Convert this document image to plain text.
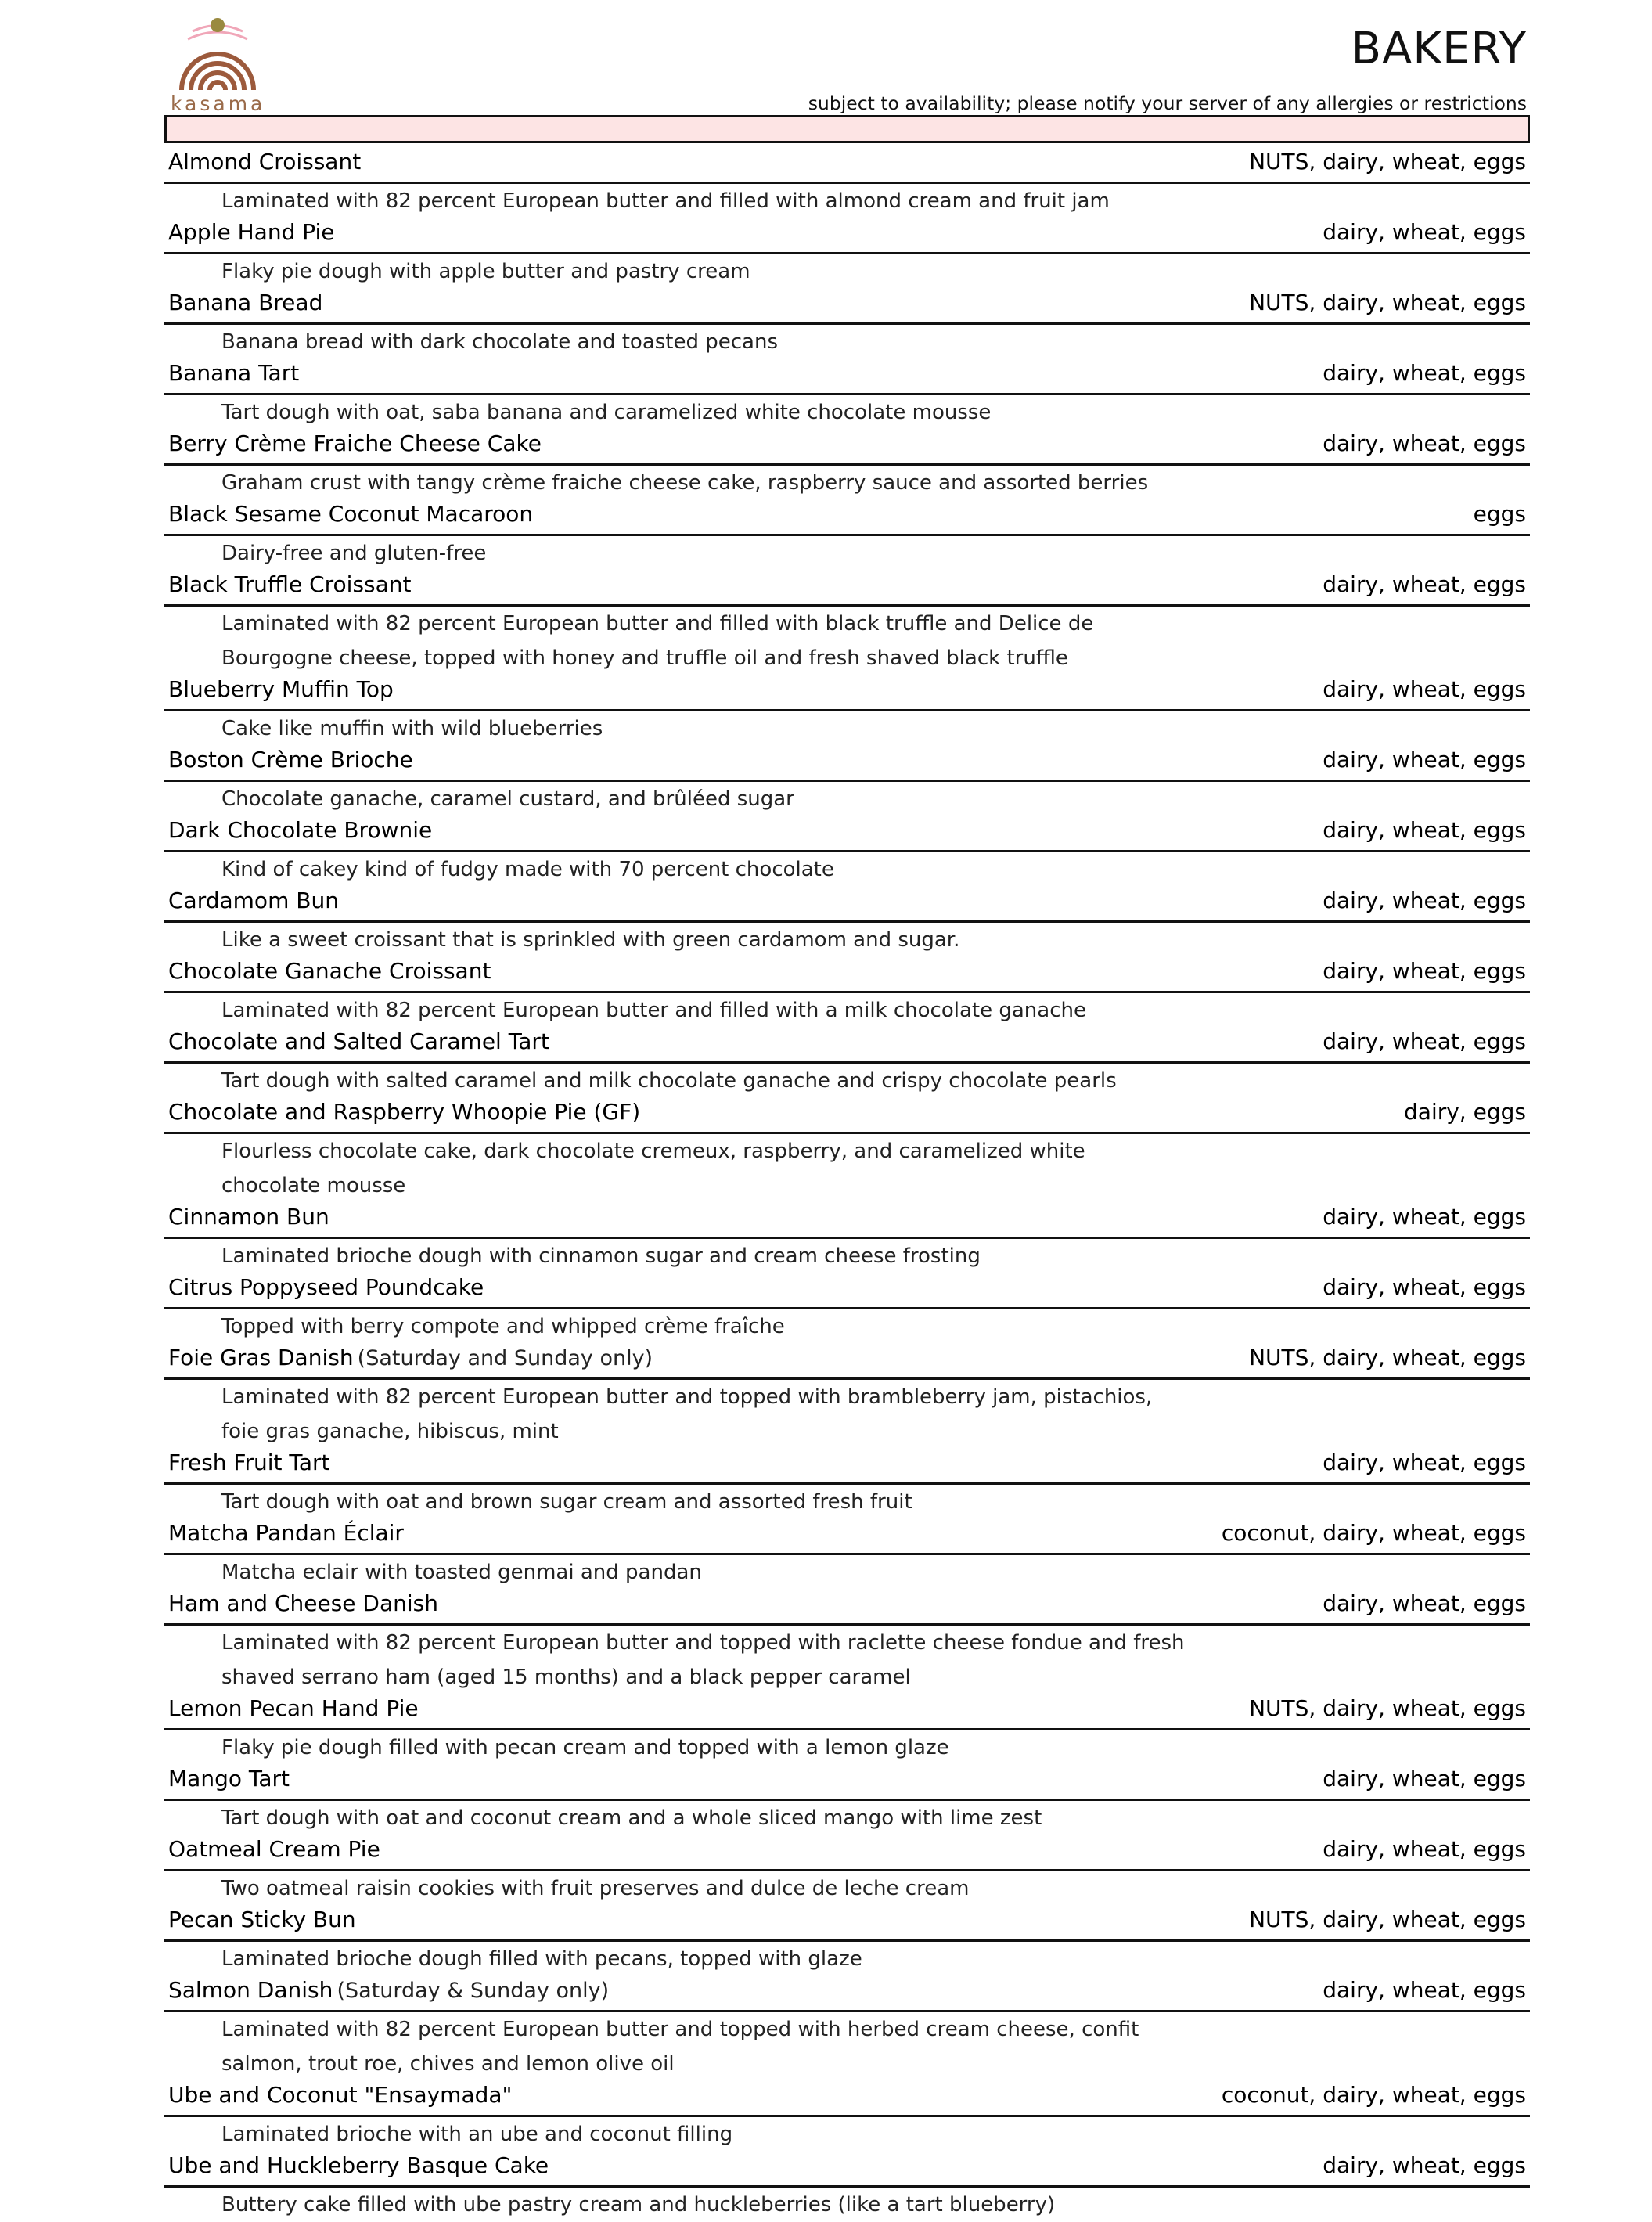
kasama
BAKERY
subject to availability; please notify your server of any allergies or restrictions
Almond Croissant	NUTS, dairy, wheat, eggs
Laminated with 82 percent European butter and filled with almond cream and fruit jam
Apple Hand Pie	dairy, wheat, eggs
Flaky pie dough with apple butter and pastry cream
Banana Bread	NUTS, dairy, wheat, eggs
Banana bread with dark chocolate and toasted pecans
Banana Tart	dairy, wheat, eggs
Tart dough with oat, saba banana and caramelized white chocolate mousse
Berry Crème Fraiche Cheese Cake	dairy, wheat, eggs
Graham crust with tangy crème fraiche cheese cake, raspberry sauce and assorted berries
Black Sesame Coconut Macaroon	eggs
Dairy-free and gluten-free
Black Truffle Croissant	dairy, wheat, eggs
Laminated with 82 percent European butter and filled with black truffle and Delice de Bourgogne cheese, topped with honey and truffle oil and fresh shaved black truffle
Blueberry Muffin Top	dairy, wheat, eggs
Cake like muffin with wild blueberries
Boston Crème Brioche	dairy, wheat, eggs
Chocolate ganache, caramel custard, and brûléed sugar
Dark Chocolate Brownie	dairy, wheat, eggs
Kind of cakey kind of fudgy made with 70 percent chocolate
Cardamom Bun	dairy, wheat, eggs
Like a sweet croissant that is sprinkled with green cardamom and sugar.
Chocolate Ganache Croissant	dairy, wheat, eggs
Laminated with 82 percent European butter and filled with a milk chocolate ganache
Chocolate and Salted Caramel Tart	dairy, wheat, eggs
Tart dough with salted caramel and milk chocolate ganache and crispy chocolate pearls
Chocolate and Raspberry Whoopie Pie (GF)	dairy, eggs
Flourless chocolate cake, dark chocolate cremeux, raspberry, and caramelized white chocolate mousse
Cinnamon Bun	dairy, wheat, eggs
Laminated brioche dough with cinnamon sugar and cream cheese frosting
Citrus Poppyseed Poundcake	dairy, wheat, eggs
Topped with berry compote and whipped crème fraîche
Foie Gras Danish (Saturday and Sunday only)	NUTS, dairy, wheat, eggs
Laminated with 82 percent European butter and topped with brambleberry jam, pistachios, foie gras ganache, hibiscus, mint
Fresh Fruit Tart	dairy, wheat, eggs
Tart dough with oat and brown sugar cream and assorted fresh fruit
Matcha Pandan Éclair	coconut, dairy, wheat, eggs
Matcha eclair with toasted genmai and pandan
Ham and Cheese Danish	dairy, wheat, eggs
Laminated with 82 percent European butter and topped with raclette cheese fondue and fresh shaved serrano ham (aged 15 months) and a black pepper caramel
Lemon Pecan Hand Pie	NUTS, dairy, wheat, eggs
Flaky pie dough filled with pecan cream and topped with a lemon glaze
Mango Tart	dairy, wheat, eggs
Tart dough with oat and coconut cream and a whole sliced mango with lime zest
Oatmeal Cream Pie	dairy, wheat, eggs
Two oatmeal raisin cookies with fruit preserves and dulce de leche cream
Pecan Sticky Bun	NUTS, dairy, wheat, eggs
Laminated brioche dough filled with pecans, topped with glaze
Salmon Danish (Saturday & Sunday only)	dairy, wheat, eggs
Laminated with 82 percent European butter and topped with herbed cream cheese, confit salmon, trout roe, chives and lemon olive oil
Ube and Coconut "Ensaymada"	coconut, dairy, wheat, eggs
Laminated brioche with an ube and coconut filling
Ube and Huckleberry Basque Cake	dairy, wheat, eggs
Buttery cake filled with ube pastry cream and huckleberries (like a tart blueberry)
